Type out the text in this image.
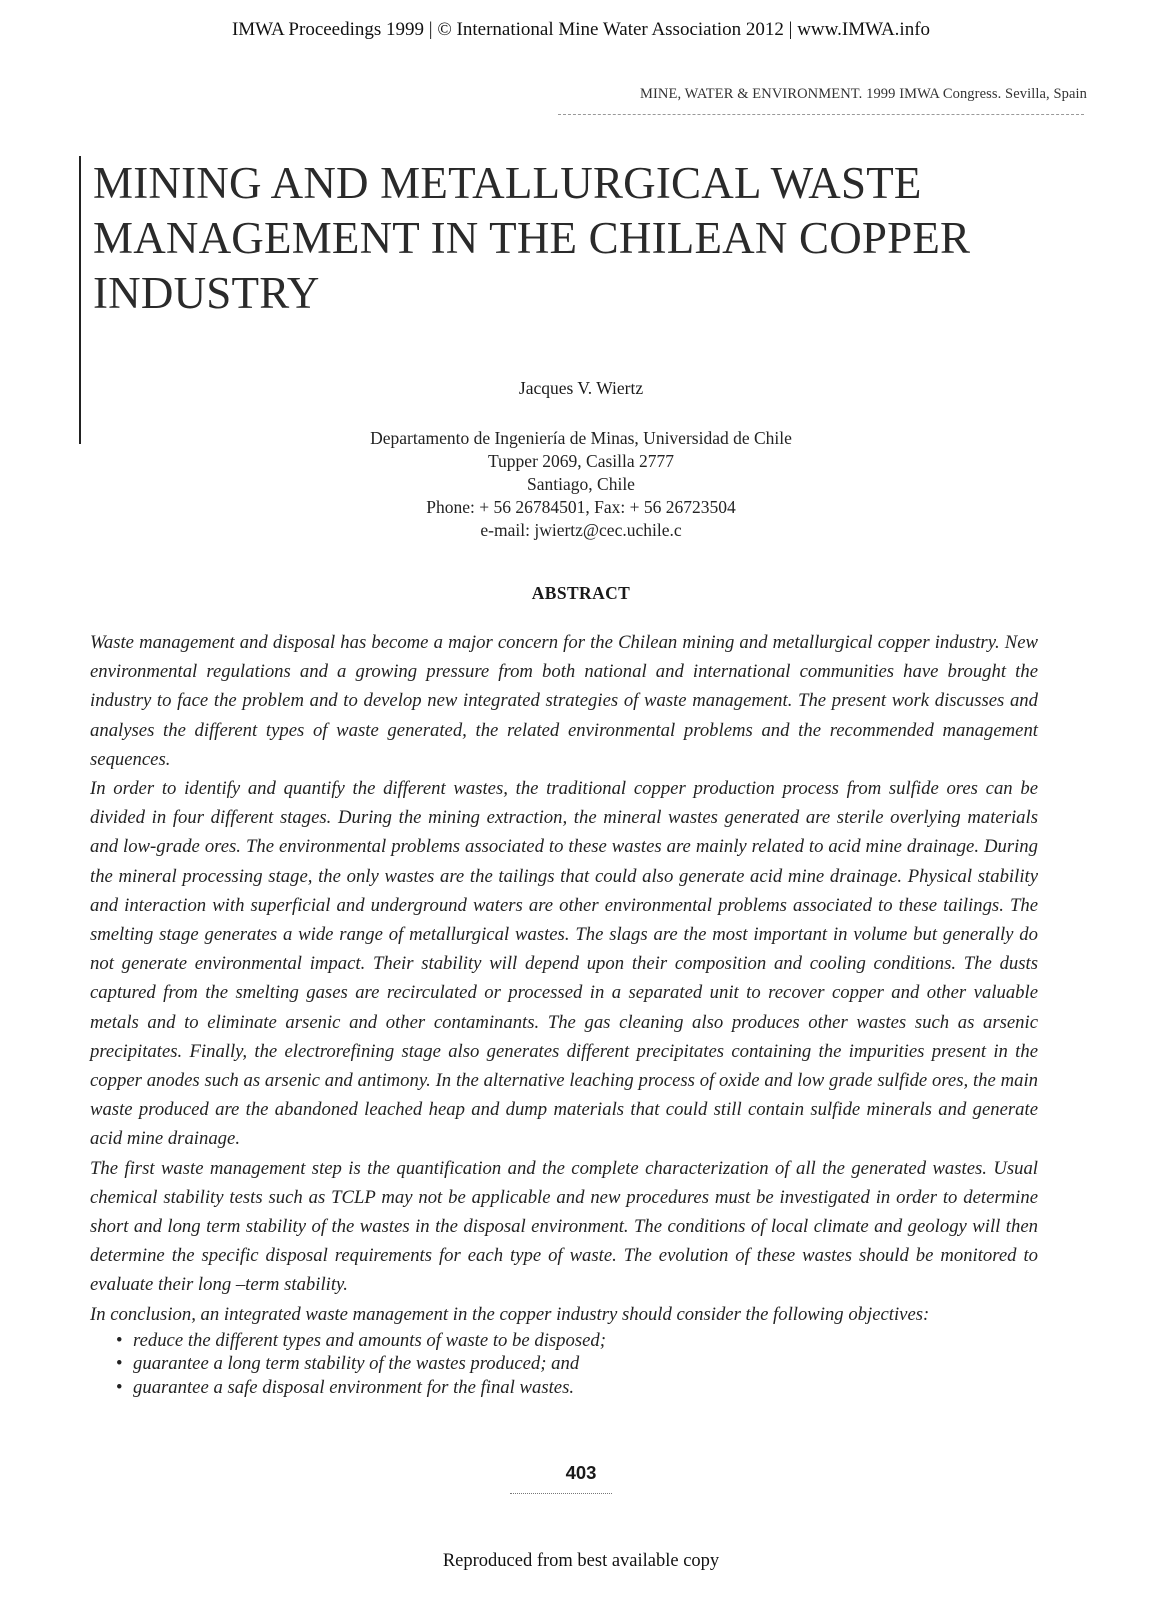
IMWA Proceedings 1999 | © International Mine Water Association 2012 | www.IMWA.info
MINE, WATER & ENVIRONMENT. 1999 IMWA Congress. Sevilla, Spain
MINING AND METALLURGICAL WASTE
MANAGEMENT IN THE CHILEAN COPPER
INDUSTRY
Jacques V. Wiertz
Departamento de Ingeniería de Minas, Universidad de Chile
Tupper 2069, Casilla 2777
Santiago, Chile
Phone: + 56 26784501, Fax: + 56 26723504
e-mail: jwiertz@cec.uchile.c
ABSTRACT

Waste management and disposal has become a major concern for the Chilean mining and metallurgical copper industry. New environmental regulations and a growing pressure from both national and international communities have brought the industry to face the problem and to develop new integrated strategies of waste management. The present work discusses and analyses the different types of waste generated, the related environmental problems and the recommended management sequences.

In order to identify and quantify the different wastes, the traditional copper production process from sulfide ores can be divided in four different stages. During the mining extraction, the mineral wastes generated are sterile overlying materials and low-grade ores. The environmental problems associated to these wastes are mainly related to acid mine drainage. During the mineral processing stage, the only wastes are the tailings that could also generate acid mine drainage. Physical stability and interaction with superficial and underground waters are other environmental problems associated to these tailings. The smelting stage generates a wide range of metallurgical wastes. The slags are the most important in volume but generally do not generate environmental impact. Their stability will depend upon their composition and cooling conditions. The dusts captured from the smelting gases are recirculated or processed in a separated unit to recover copper and other valuable metals and to eliminate arsenic and other contaminants. The gas cleaning also produces other wastes such as arsenic precipitates. Finally, the electrorefining stage also generates different precipitates containing the impurities present in the copper anodes such as arsenic and antimony. In the alternative leaching process of oxide and low grade sulfide ores, the main waste produced are the abandoned leached heap and dump materials that could still contain sulfide minerals and generate acid mine drainage.

The first waste management step is the quantification and the complete characterization of all the generated wastes. Usual chemical stability tests such as TCLP may not be applicable and new procedures must be investigated in order to determine short and long term stability of the wastes in the disposal environment. The conditions of local climate and geology will then determine the specific disposal requirements for each type of waste. The evolution of these wastes should be monitored to evaluate their long –term stability.

In conclusion, an integrated waste management in the copper industry should consider the following objectives:

• reduce the different types and amounts of waste to be disposed;
• guarantee a long term stability of the wastes produced; and
• guarantee a safe disposal environment for the final wastes.
403
Reproduced from best available copy
